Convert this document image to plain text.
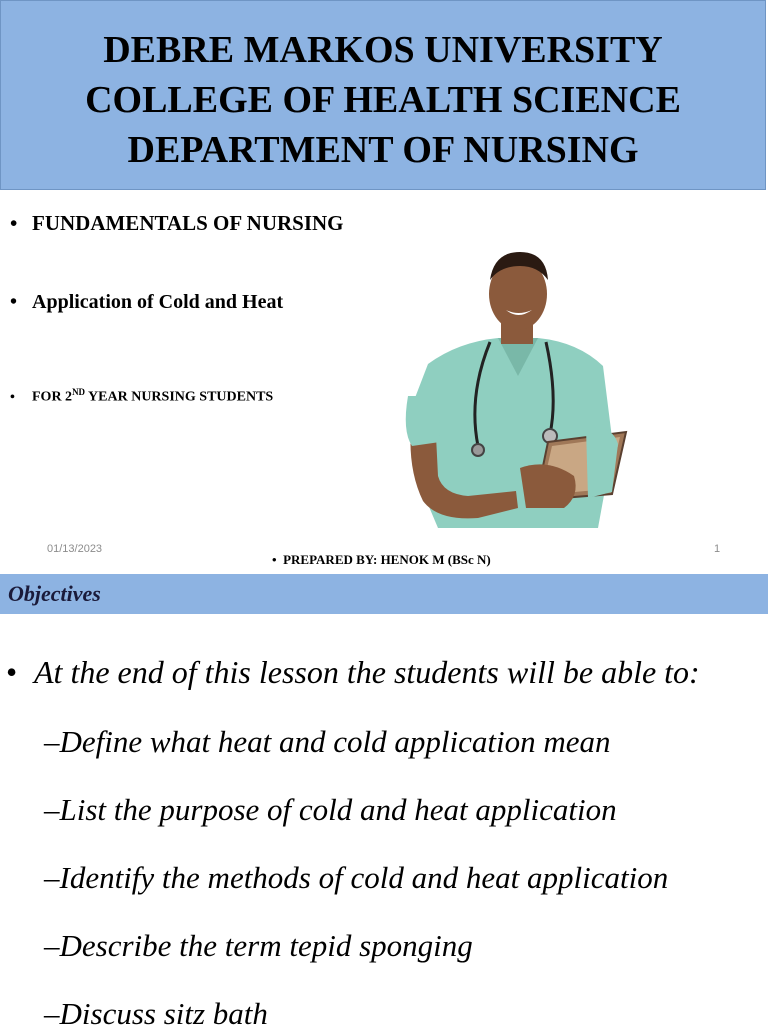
DEBRE MARKOS UNIVERSITY
COLLEGE OF HEALTH SCIENCE
DEPARTMENT OF NURSING
• FUNDAMENTALS OF NURSING
• Application of Cold and Heat
• FOR 2ND YEAR NURSING STUDENTS
01/13/2023	1
•  PREPARED BY: HENOK M (BSc N)
Objectives
• At the end of this lesson the students will be able to:
–Define what heat and cold application mean
–List the purpose of cold and heat application
–Identify the methods of cold and heat application
–Describe the term tepid sponging
–Discuss sitz bath
